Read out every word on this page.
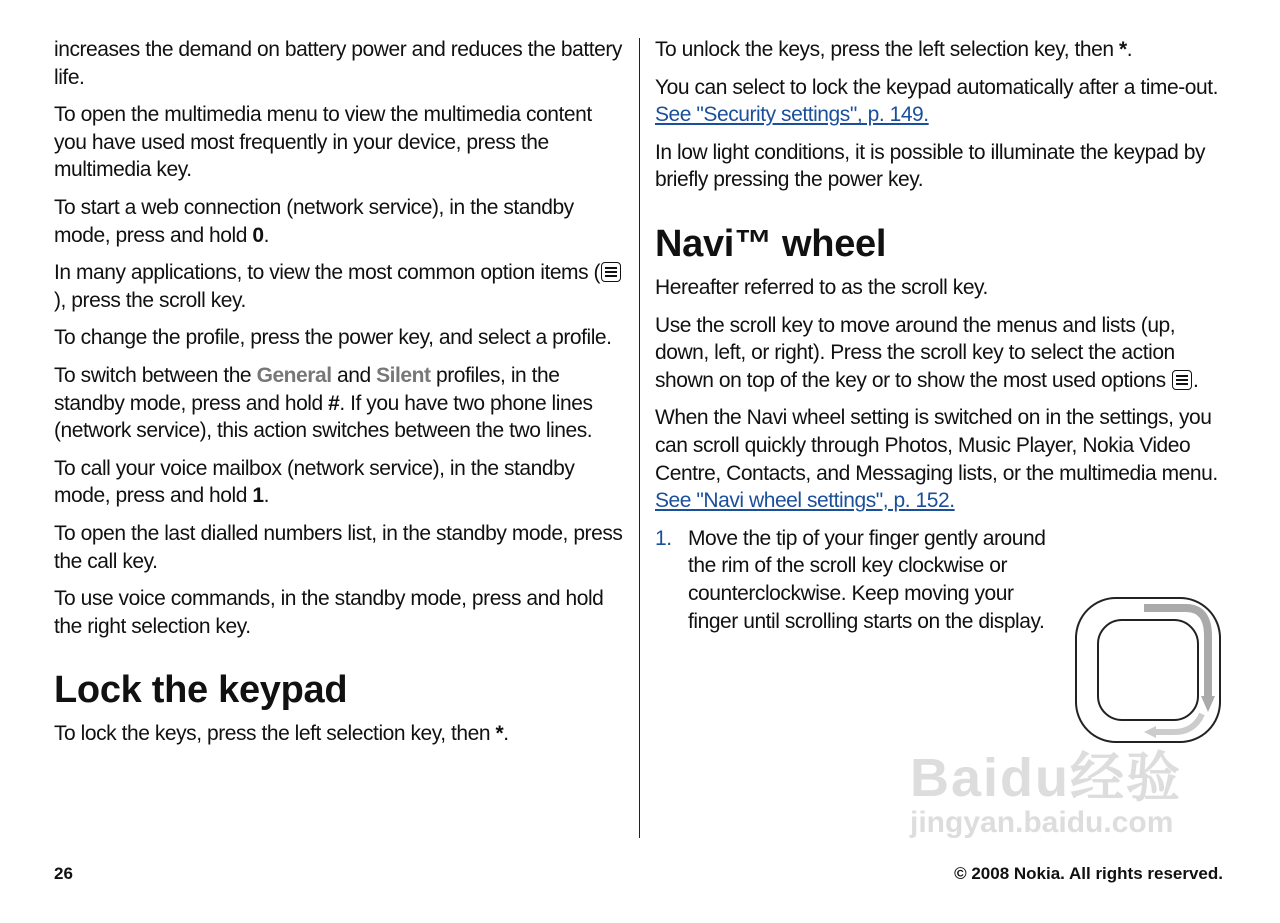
increases the demand on battery power and reduces the battery life.

To open the multimedia menu to view the multimedia content you have used most frequently in your device, press the multimedia key.

To start a web connection (network service), in the standby mode, press and hold 0.

In many applications, to view the most common option items (), press the scroll key.

To change the profile, press the power key, and select a profile.

To switch between the General and Silent profiles, in the standby mode, press and hold #. If you have two phone lines (network service), this action switches between the two lines.

To call your voice mailbox (network service), in the standby mode, press and hold 1.

To open the last dialled numbers list, in the standby mode, press the call key.

To use voice commands, in the standby mode, press and hold the right selection key.

Lock the keypad

To lock the keys, press the left selection key, then *.

To unlock the keys, press the left selection key, then *.

You can select to lock the keypad automatically after a time-out. See "Security settings", p. 149.

In low light conditions, it is possible to illuminate the keypad by briefly pressing the power key.

Navi™ wheel

Hereafter referred to as the scroll key.

Use the scroll key to move around the menus and lists (up, down, left, or right). Press the scroll key to select the action shown on top of the key or to show the most used options .

When the Navi wheel setting is switched on in the settings, you can scroll quickly through Photos, Music Player, Nokia Video Centre, Contacts, and Messaging lists, or the multimedia menu. See "Navi wheel settings", p. 152.

1. Move the tip of your finger gently around the rim of the scroll key clockwise or counterclockwise. Keep moving your finger until scrolling starts on the display.
Baidu经验
jingyan.baidu.com
26	© 2008 Nokia. All rights reserved.
